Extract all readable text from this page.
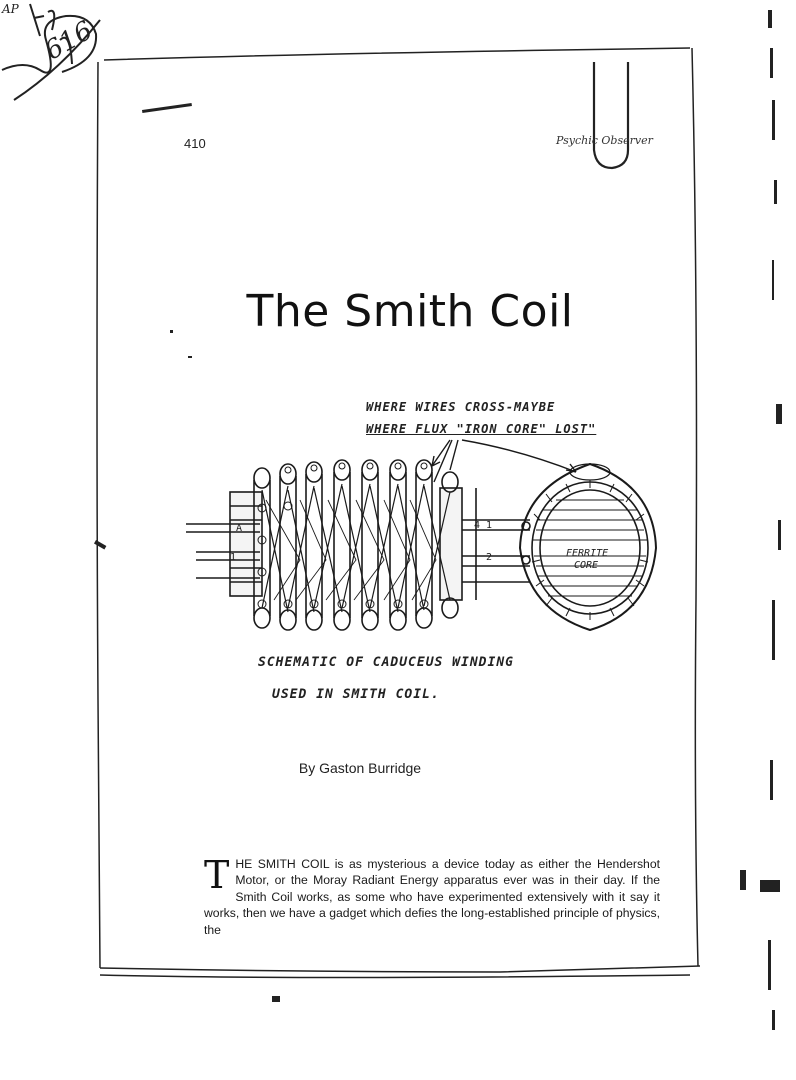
A	4 1
2
1	FERRITE
CORE
410	Psychic Observer
The Smith Coil
WHERE WIRES CROSS-MAYBE
WHERE FLUX "IRON CORE" LOST"
SCHEMATIC OF CADUCEUS WINDING
USED IN SMITH COIL.
By Gaston Burridge
T HE SMITH COIL is as mysterious a device today as either the Hendershot Motor, or the Moray Radiant Energy apparatus ever was in their day. If the Smith Coil works, as some who have experimented extensively with it say it works, then we have a gadget which defies the long-established principle of physics, the
AP
616
